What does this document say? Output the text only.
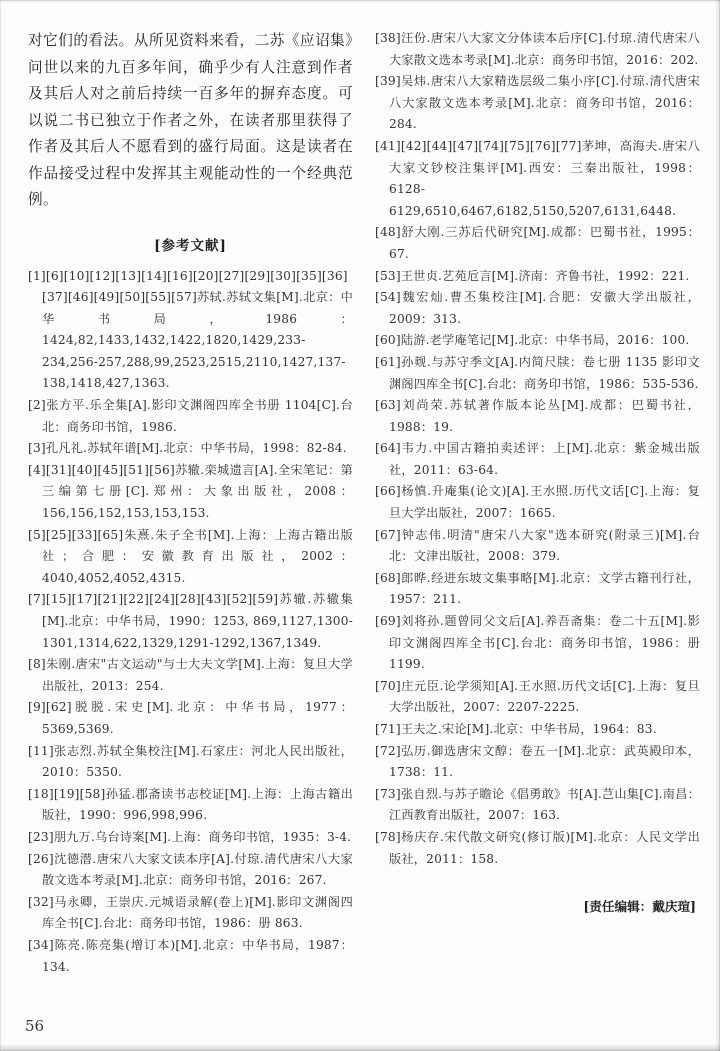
对它们的看法。从所见资料来看，二苏《应诏集》问世以来的九百多年间，确乎少有人注意到作者及其后人对之前后持续一百多年的摒弃态度。可以说二书已独立于作者之外，在读者那里获得了作者及其后人不愿看到的盛行局面。这是读者在作品接受过程中发挥其主观能动性的一个经典范例。

[参考文献]

[1][6][10][12][13][14][16][20][27][29][30][35][36][37][46][49][50][55][57]苏轼.苏轼文集[M].北京：中华书局，1986：1424,82,1433,1432,1422,1820,1429,233-234,256-257,288,99,2523,2515,2110,1427,137-138,1418,427,1363.

[2]张方平.乐全集[A].影印文渊阁四库全书册 1104[C].台北：商务印书馆，1986.

[3]孔凡礼.苏轼年谱[M].北京：中华书局，1998：82-84.

[4][31][40][45][51][56]苏辙.栾城遗言[A].全宋笔记：第三编第七册[C].郑州：大象出版社，2008：156,156,152,153,153,153.

[5][25][33][65]朱熹.朱子全书[M].上海：上海古籍出版社；合肥：安徽教育出版社，2002： 4040,4052,4052,4315.

[7][15][17][21][22][24][28][43][52][59]苏辙.苏辙集[M].北京：中华书局，1990：1253, 869,1127,1300-1301,1314,622,1329,1291-1292,1367,1349.

[8]朱刚.唐宋"古文运动"与士大夫文学[M].上海：复旦大学出版社，2013：254.

[9][62]脱脱.宋史[M].北京：中华书局，1977：5369,5369.

[11]张志烈.苏轼全集校注[M].石家庄：河北人民出版社，2010：5350.

[18][19][58]孙猛.郡斋读书志校证[M].上海：上海古籍出版社，1990：996,998,996.

[23]朋九万.乌台诗案[M].上海：商务印书馆，1935：3-4.

[26]沈德潜.唐宋八大家文读本序[A].付琼.清代唐宋八大家散文选本考录[M].北京：商务印书馆，2016：267.

[32]马永卿，王崇庆.元城语录解(卷上)[M].影印文渊阁四库全书[C].台北：商务印书馆，1986：册 863.

[34]陈亮.陈亮集(增订本)[M].北京：中华书局，1987：134.

[38]汪份.唐宋八大家文分体读本后序[C].付琼.清代唐宋八大家散文选本考录[M].北京：商务印书馆，2016：202.

[39]吴炜.唐宋八大家精选层级二集小序[C].付琼.清代唐宋八大家散文选本考录[M].北京：商务印书馆，2016：284.

[41][42][44][47][74][75][76][77]茅坤，高海夫.唐宋八大家文钞校注集评[M].西安：三秦出版社，1998：6128-6129,6510,6467,6182,5150,5207,6131,6448.

[48]舒大刚.三苏后代研究[M].成都：巴蜀书社，1995：67.

[53]王世贞.艺苑卮言[M].济南：齐鲁书社，1992：221.

[54]魏宏灿.曹丕集校注[M].合肥：安徽大学出版社，2009：313.

[60]陆游.老学庵笔记[M].北京：中华书局，2016：100.

[61]孙觌.与苏守季文[A].内简尺牍：卷七册 1135 影印文渊阁四库全书[C].台北：商务印书馆，1986：535-536.

[63]刘尚荣.苏轼著作版本论丛[M].成都：巴蜀书社，1988：19.

[64]韦力.中国古籍拍卖述评：上[M].北京：紫金城出版社，2011：63-64.

[66]杨慎.升庵集(论文)[A].王水照.历代文话[C].上海：复旦大学出版社，2007：1665.

[67]钟志伟.明清"唐宋八大家"选本研究(附录三)[M].台北：文津出版社，2008：379.

[68]郎晔.经进东坡文集事略[M].北京：文学古籍刊行社，1957：211.

[69]刘将孙.题曾同父文后[A].养吾斋集：卷二十五[M].影印文渊阁四库全书[C].台北：商务印书馆，1986：册 1199.

[70]庄元臣.论学须知[A].王水照.历代文话[C].上海：复旦大学出版社，2007：2207-2225.

[71]王夫之.宋论[M].北京：中华书局，1964：83.

[72]弘历.御选唐宋文醇：卷五一[M].北京：武英殿印本，1738：11.

[73]张自烈.与苏子瞻论《倡勇敢》书[A].芑山集[C].南昌：江西教育出版社，2007：163.

[78]杨庆存.宋代散文研究(修订版)[M].北京：人民文学出版社，2011：158.

[责任编辑：戴庆瑄]
56
